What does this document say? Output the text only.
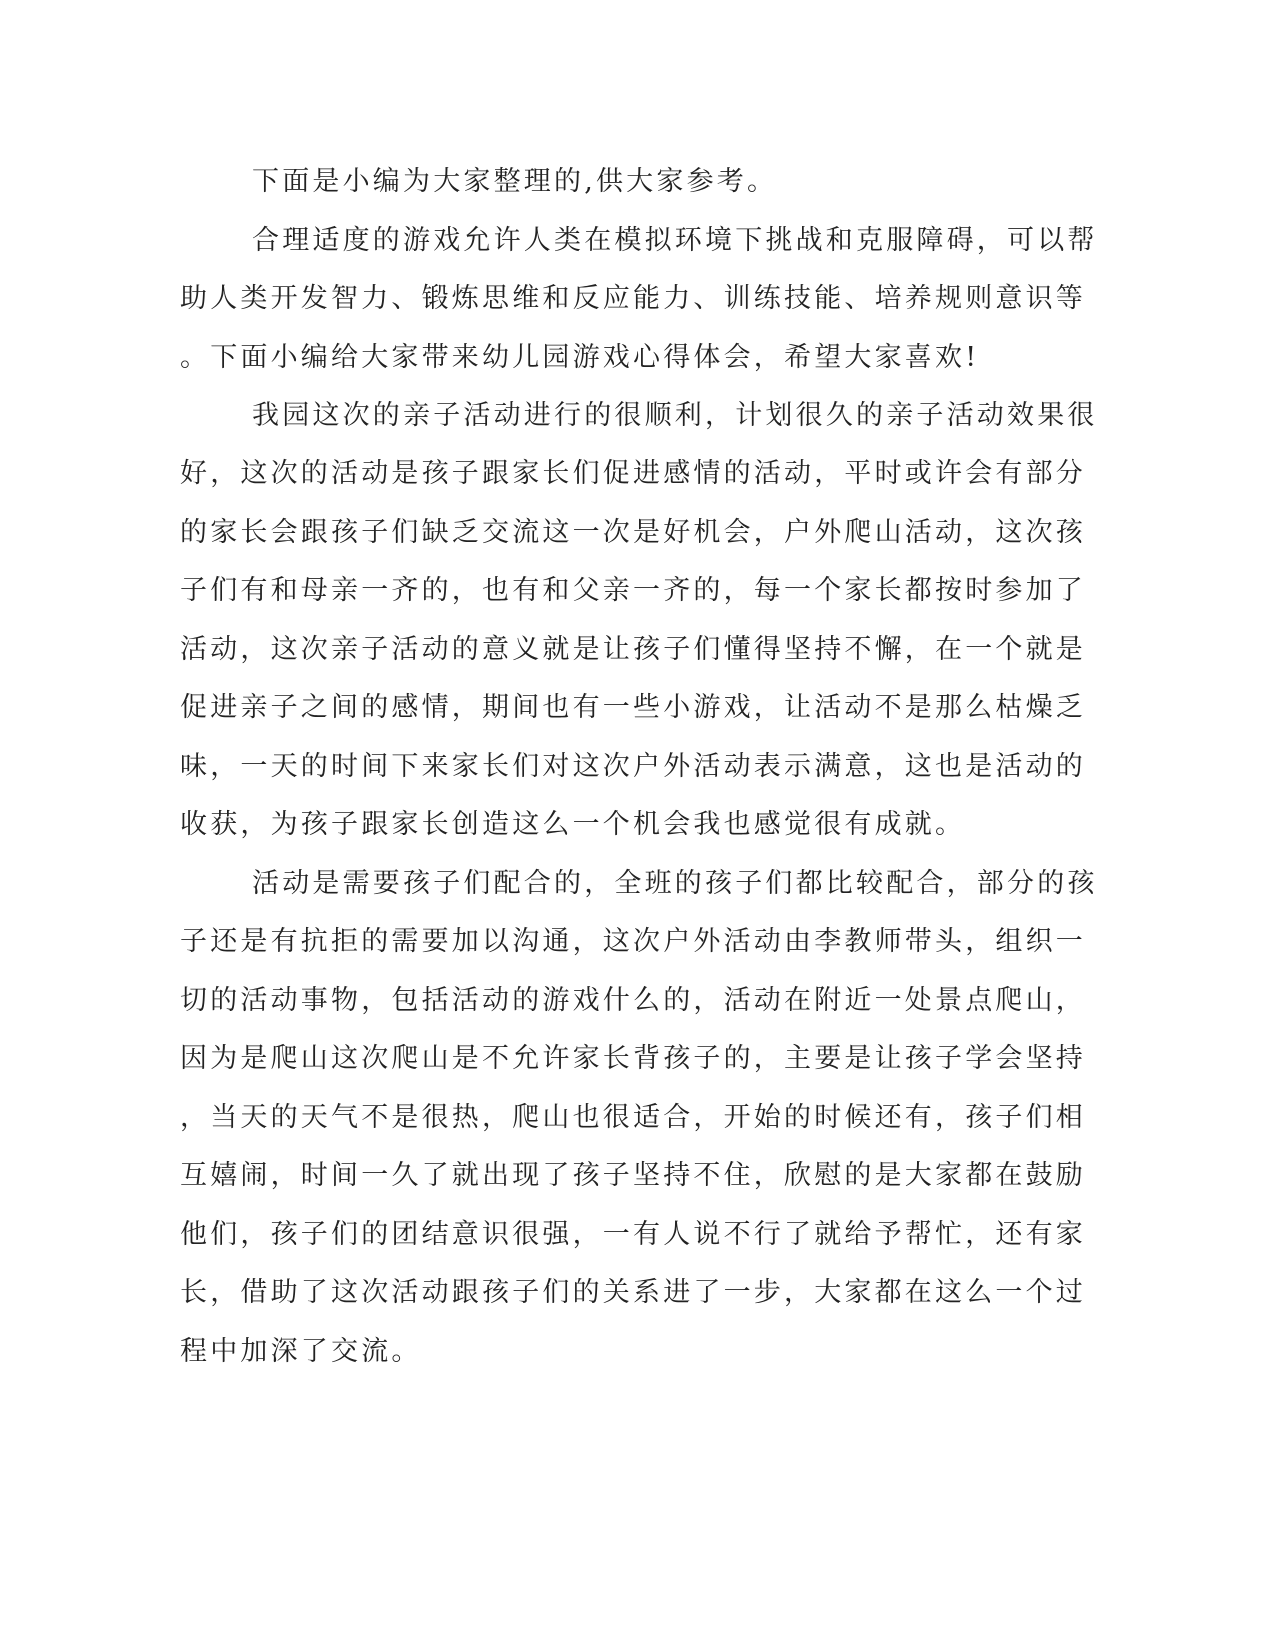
下面是小编为大家整理的,供大家参考。
合理适度的游戏允许人类在模拟环境下挑战和克服障碍，可以帮
助人类开发智力、锻炼思维和反应能力、训练技能、培养规则意识等
。下面小编给大家带来幼儿园游戏心得体会，希望大家喜欢!
我园这次的亲子活动进行的很顺利，计划很久的亲子活动效果很
好，这次的活动是孩子跟家长们促进感情的活动，平时或许会有部分
的家长会跟孩子们缺乏交流这一次是好机会，户外爬山活动，这次孩
子们有和母亲一齐的，也有和父亲一齐的，每一个家长都按时参加了
活动，这次亲子活动的意义就是让孩子们懂得坚持不懈，在一个就是
促进亲子之间的感情，期间也有一些小游戏，让活动不是那么枯燥乏
味，一天的时间下来家长们对这次户外活动表示满意，这也是活动的
收获，为孩子跟家长创造这么一个机会我也感觉很有成就。
活动是需要孩子们配合的，全班的孩子们都比较配合，部分的孩
子还是有抗拒的需要加以沟通，这次户外活动由李教师带头，组织一
切的活动事物，包括活动的游戏什么的，活动在附近一处景点爬山，
因为是爬山这次爬山是不允许家长背孩子的，主要是让孩子学会坚持
，当天的天气不是很热，爬山也很适合，开始的时候还有，孩子们相
互嬉闹，时间一久了就出现了孩子坚持不住，欣慰的是大家都在鼓励
他们，孩子们的团结意识很强，一有人说不行了就给予帮忙，还有家
长，借助了这次活动跟孩子们的关系进了一步，大家都在这么一个过
程中加深了交流。
